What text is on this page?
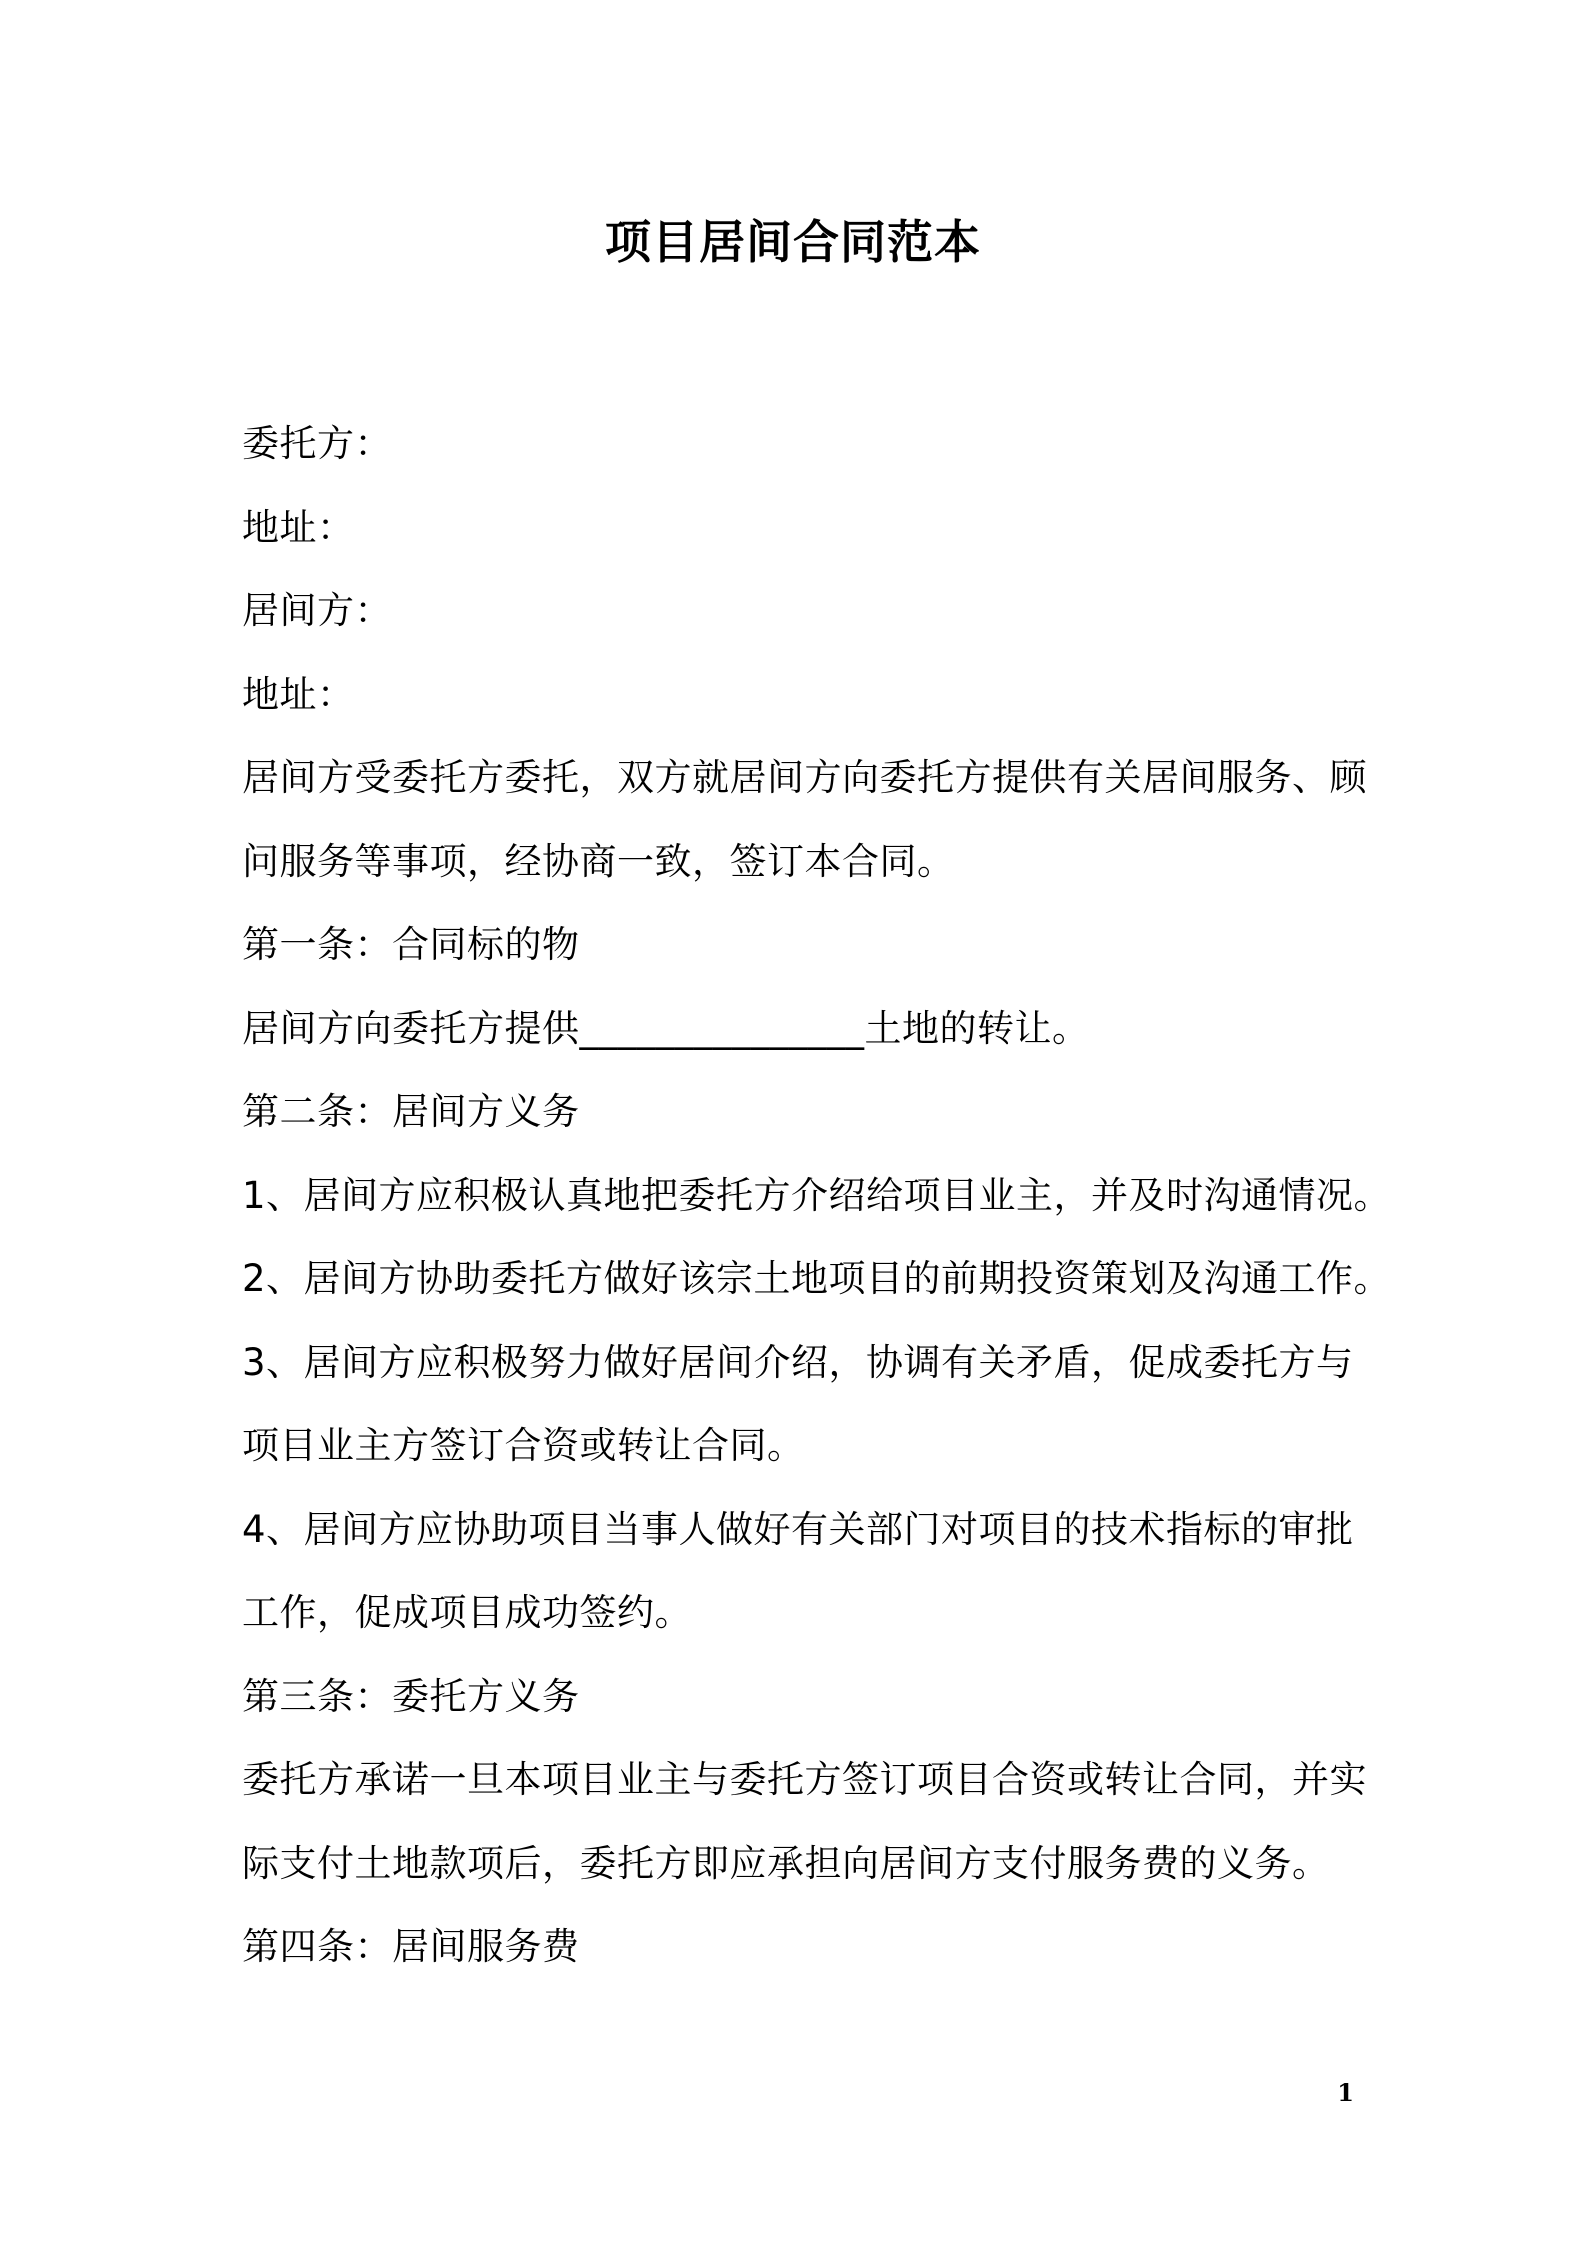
项目居间合同范本

委托方：

地址：

居间方：

地址：

居间方受委托方委托，双方就居间方向委托方提供有关居间服务、顾

问服务等事项，经协商一致，签订本合同。

第一条：合同标的物

居间方向委托方提供_______________土地的转让。

第二条：居间方义务

1、居间方应积极认真地把委托方介绍给项目业主，并及时沟通情况。

2、居间方协助委托方做好该宗土地项目的前期投资策划及沟通工作。

3、居间方应积极努力做好居间介绍，协调有关矛盾，促成委托方与

项目业主方签订合资或转让合同。

4、居间方应协助项目当事人做好有关部门对项目的技术指标的审批

工作，促成项目成功签约。

第三条：委托方义务

委托方承诺一旦本项目业主与委托方签订项目合资或转让合同，并实

际支付土地款项后，委托方即应承担向居间方支付服务费的义务。

第四条：居间服务费

1
